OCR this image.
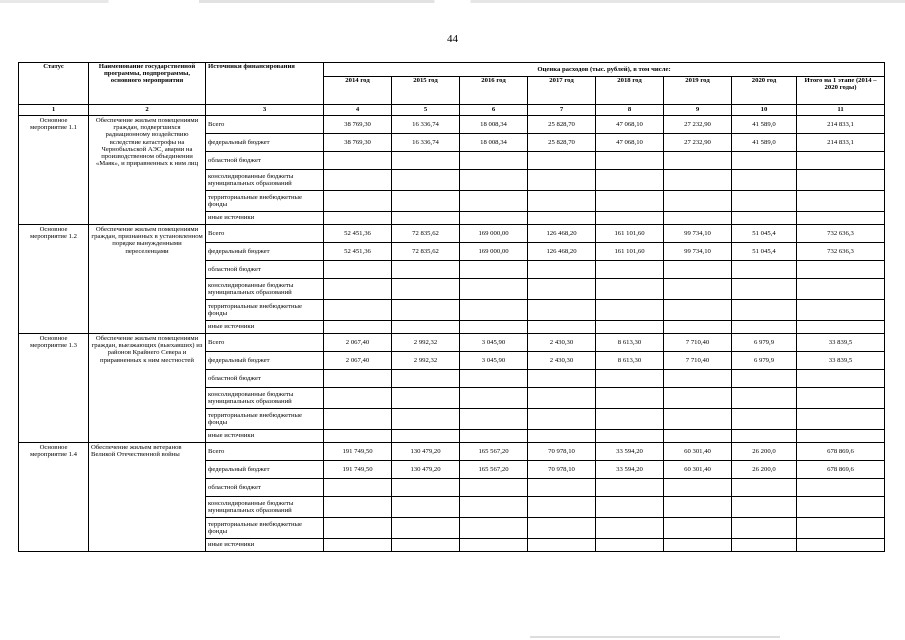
44
Статус	Наименование государственной программы, подпрограммы, основного мероприятия	Источники финансирования	Оценка расходов (тыс. рублей), в том числе:							
			2014 год	2015 год	2016 год	2017 год	2018 год	2019 год	2020 год	Итого на 1 этапе (2014 – 2020 годы)
1	2	3	4	5	6	7	8	9	10	11
Основное мероприятие 1.1	Обеспечение жильем помещениями граждан, подвергшихся радиационному воздействию вследствие катастрофы на Чернобыльской АЭС, аварии на производственном объединении «Маяк», и приравненных к ним лиц	Всего	38 769,30	16 336,74	18 008,34	25 828,70	47 068,10	27 232,90	41 589,0	214 833,1
		федеральный бюджет	38 769,30	16 336,74	18 008,34	25 828,70	47 068,10	27 232,90	41 589,0	214 833,1
		областной бюджет								
		консолидированные бюджеты муниципальных образований								
		территориальные внебюджетные фонды								
		иные источники								
Основное мероприятие 1.2	Обеспечение жильем помещениями граждан, признанных в установленном порядке вынужденными переселенцами	Всего	52 451,36	72 835,62	169 000,00	126 468,20	161 101,60	99 734,10	51 045,4	732 636,3
		федеральный бюджет	52 451,36	72 835,62	169 000,00	126 468,20	161 101,60	99 734,10	51 045,4	732 636,3
		областной бюджет								
		консолидированные бюджеты муниципальных образований								
		территориальные внебюджетные фонды								
		иные источники								
Основное мероприятие 1.3	Обеспечение жильем помещениями граждан, выезжающих (выехавших) из районов Крайнего Севера и приравненных к ним местностей	Всего	2 067,40	2 992,32	3 045,90	2 430,30	8 613,30	7 710,40	6 979,9	33 839,5
		федеральный бюджет	2 067,40	2 992,32	3 045,90	2 430,30	8 613,30	7 710,40	6 979,9	33 839,5
		областной бюджет								
		консолидированные бюджеты муниципальных образований								
		территориальные внебюджетные фонды								
		иные источники								
Основное мероприятие 1.4	Обеспечение жильем ветеранов Великой Отечественной войны	Всего	191 749,50	130 479,20	165 567,20	70 978,10	33 594,20	60 301,40	26 200,0	678 869,6
		федеральный бюджет	191 749,50	130 479,20	165 567,20	70 978,10	33 594,20	60 301,40	26 200,0	678 869,6
		областной бюджет								
		консолидированные бюджеты муниципальных образований								
		территориальные внебюджетные фонды								
		иные источники								
